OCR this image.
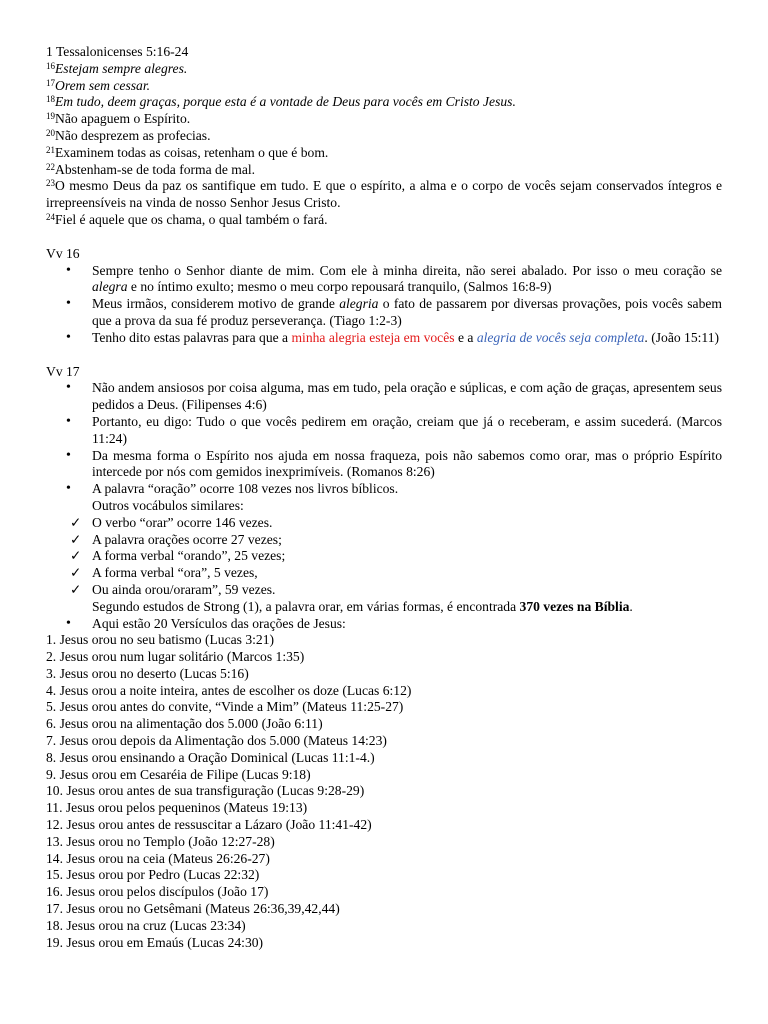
1 Tessalonicenses 5:16-24

$^{16}$Estejam sempre alegres.

$^{17}$Orem sem cessar.

$^{18}$Em tudo, deem graças, porque esta é a vontade de Deus para vocês em Cristo Jesus.

$^{19}$Não apaguem o Espírito.

$^{20}$Não desprezem as profecias.

$^{21}$Examinem todas as coisas, retenham o que é bom.

$^{22}$Abstenham-se de toda forma de mal.

$^{23}$O mesmo Deus da paz os santifique em tudo. E que o espírito, a alma e o corpo de vocês sejam conservados íntegros e irrepreensíveis na vinda de nosso Senhor Jesus Cristo.

$^{24}$Fiel é aquele que os chama, o qual também o fará.

Vv 16

• Sempre tenho o Senhor diante de mim. Com ele à minha direita, não serei abalado. Por isso o meu coração se alegra e no íntimo exulto; mesmo o meu corpo repousará tranquilo, (Salmos 16:8-9)
• Meus irmãos, considerem motivo de grande alegria o fato de passarem por diversas provações, pois vocês sabem que a prova da sua fé produz perseverança. (Tiago 1:2-3)
• Tenho dito estas palavras para que a minha alegria esteja em vocês e a alegria de vocês seja completa. (João 15:11)

Vv 17

• Não andem ansiosos por coisa alguma, mas em tudo, pela oração e súplicas, e com ação de graças, apresentem seus pedidos a Deus. (Filipenses 4:6)
• Portanto, eu digo: Tudo o que vocês pedirem em oração, creiam que já o receberam, e assim sucederá. (Marcos 11:24)
• Da mesma forma o Espírito nos ajuda em nossa fraqueza, pois não sabemos como orar, mas o próprio Espírito intercede por nós com gemidos inexprimíveis. (Romanos 8:26)
• A palavra “oração” ocorre 108 vezes nos livros bíblicos.
Outros vocábulos similares:
✓ O verbo “orar” ocorre 146 vezes.
✓ A palavra orações ocorre 27 vezes;
✓ A forma verbal “orando”, 25 vezes;
✓ A forma verbal “ora”, 5 vezes,
✓ Ou ainda orou/oraram”, 59 vezes.

Segundo estudos de Strong (1), a palavra orar, em várias formas, é encontrada 370 vezes na Bíblia.

• Aqui estão 20 Versículos das orações de Jesus:
1. Jesus orou no seu batismo (Lucas 3:21)
2. Jesus orou num lugar solitário (Marcos 1:35)
3. Jesus orou no deserto (Lucas 5:16)
4. Jesus orou a noite inteira, antes de escolher os doze (Lucas 6:12)
5. Jesus orou antes do convite, “Vinde a Mim” (Mateus 11:25-27)
6. Jesus orou na alimentação dos 5.000 (João 6:11)
7. Jesus orou depois da Alimentação dos 5.000 (Mateus 14:23)
8. Jesus orou ensinando a Oração Dominical (Lucas 11:1-4.)
9. Jesus orou em Cesaréia de Filipe (Lucas 9:18)
10. Jesus orou antes de sua transfiguração (Lucas 9:28-29)
11. Jesus orou pelos pequeninos (Mateus 19:13)
12. Jesus orou antes de ressuscitar a Lázaro (João 11:41-42)
13. Jesus orou no Templo (João 12:27-28)
14. Jesus orou na ceia (Mateus 26:26-27)
15. Jesus orou por Pedro (Lucas 22:32)
16. Jesus orou pelos discípulos (João 17)
17. Jesus orou no Getsêmani (Mateus 26:36,39,42,44)
18. Jesus orou na cruz (Lucas 23:34)
19. Jesus orou em Emaús (Lucas 24:30)
